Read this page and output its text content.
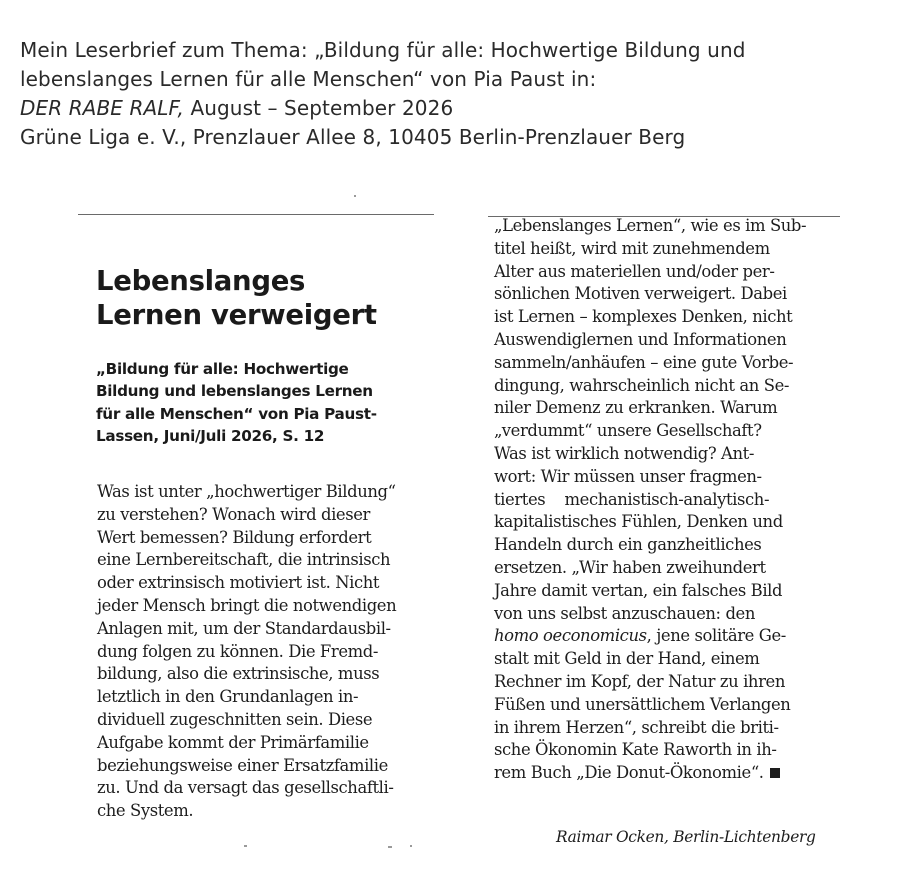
Mein Leserbrief zum Thema: „Bildung für alle: Hochwertige Bildung und
lebenslanges Lernen für alle Menschen“ von Pia Paust in:
DER RABE RALF, August – September 2026
Grüne Liga e. V., Prenzlauer Allee 8, 10405 Berlin-Prenzlauer Berg
Lebenslanges
Lernen verweigert
„Bildung für alle: Hochwertige
Bildung und lebenslanges Lernen
für alle Menschen“ von Pia Paust-
Lassen, Juni/Juli 2026, S. 12
Was ist unter „hochwertiger Bildung“
zu verstehen? Wonach wird dieser
Wert bemessen? Bildung erfordert
eine Lernbereitschaft, die intrinsisch
oder extrinsisch motiviert ist. Nicht
jeder Mensch bringt die notwendigen
Anlagen mit, um der Standardausbil-
dung folgen zu können. Die Fremd-
bildung, also die extrinsische, muss
letztlich in den Grundanlagen in-
dividuell zugeschnitten sein. Diese
Aufgabe kommt der Primärfamilie
beziehungsweise einer Ersatzfamilie
zu. Und da versagt das gesellschaftli-
che System.
„Lebenslanges Lernen“, wie es im Sub-
titel heißt, wird mit zunehmendem
Alter aus materiellen und/oder per-
sönlichen Motiven verweigert. Dabei
ist Lernen – komplexes Denken, nicht
Auswendiglernen und Informationen
sammeln/anhäufen – eine gute Vorbe-
dingung, wahrscheinlich nicht an Se-
niler Demenz zu erkranken. Warum
„verdummt“ unsere Gesellschaft?
Was ist wirklich notwendig? Ant-
wort: Wir müssen unser fragmen-
tiertes    mechanistisch-analytisch-
kapitalistisches Fühlen, Denken und
Handeln durch ein ganzheitliches
ersetzen. „Wir haben zweihundert
Jahre damit vertan, ein falsches Bild
von uns selbst anzuschauen: den
homo oeconomicus, jene solitäre Ge-
stalt mit Geld in der Hand, einem
Rechner im Kopf, der Natur zu ihren
Füßen und unersättlichem Verlangen
in ihrem Herzen“, schreibt die briti-
sche Ökonomin Kate Raworth in ih-
rem Buch „Die Donut-Ökonomie“.
Raimar Ocken, Berlin-Lichtenberg
